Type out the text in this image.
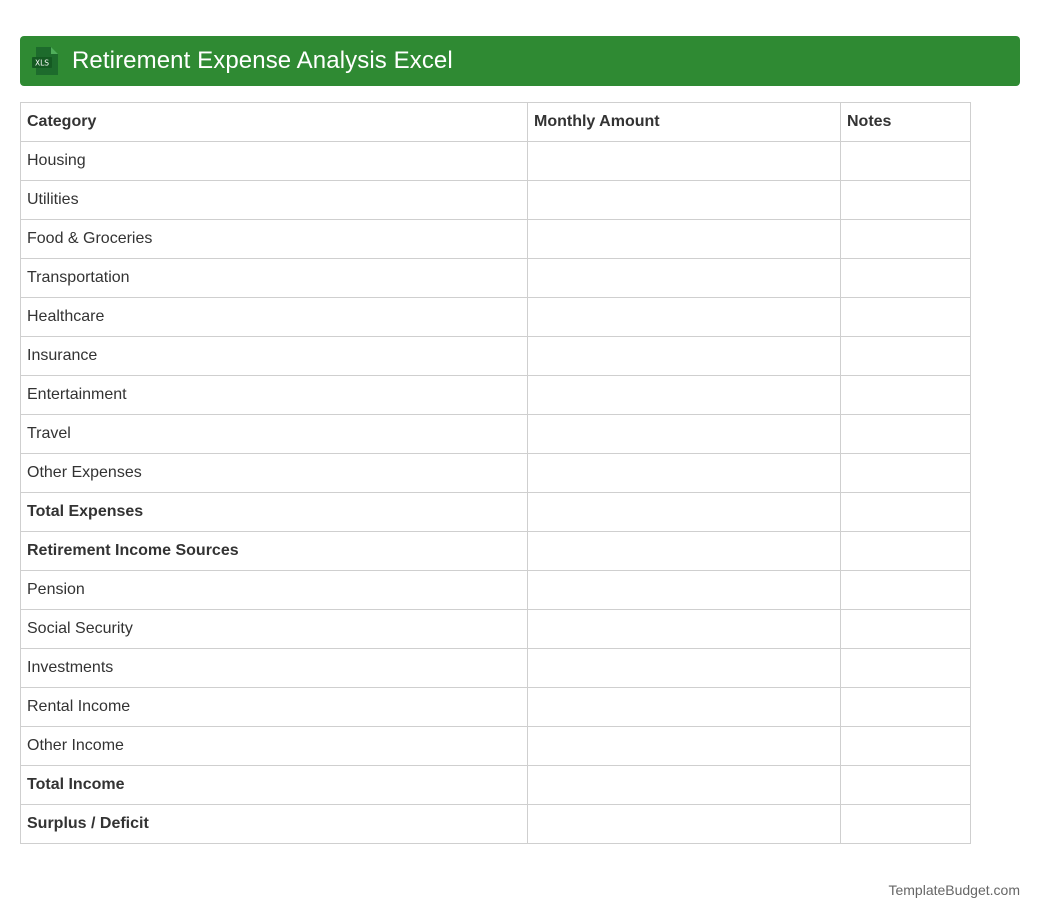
XLS Retirement Expense Analysis Excel
Category	Monthly Amount	Notes
Housing		
Utilities		
Food & Groceries		
Transportation		
Healthcare		
Insurance		
Entertainment		
Travel		
Other Expenses		
Total Expenses		
Retirement Income Sources		
Pension		
Social Security		
Investments		
Rental Income		
Other Income		
Total Income		
Surplus / Deficit		
TemplateBudget.com
